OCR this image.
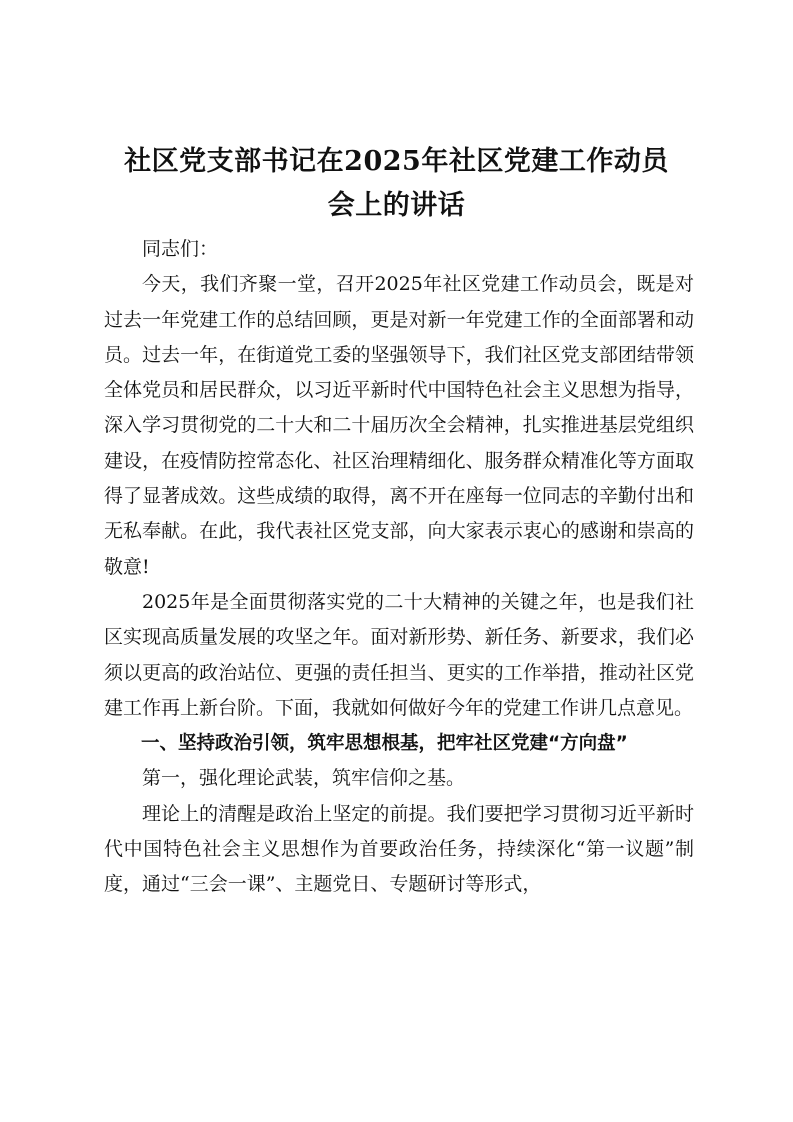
社区党支部书记在2025年社区党建工作动员
会上的讲话

同志们：

今天，我们齐聚一堂，召开2025年社区党建工作动员会，既是对过去一年党建工作的总结回顾，更是对新一年党建工作的全面部署和动员。过去一年，在街道党工委的坚强领导下，我们社区党支部团结带领全体党员和居民群众，以习近平新时代中国特色社会主义思想为指导，深入学习贯彻党的二十大和二十届历次全会精神，扎实推进基层党组织建设，在疫情防控常态化、社区治理精细化、服务群众精准化等方面取得了显著成效。这些成绩的取得，离不开在座每一位同志的辛勤付出和无私奉献。在此，我代表社区党支部，向大家表示衷心的感谢和崇高的敬意!

2025年是全面贯彻落实党的二十大精神的关键之年，也是我们社区实现高质量发展的攻坚之年。面对新形势、新任务、新要求，我们必须以更高的政治站位、更强的责任担当、更实的工作举措，推动社区党建工作再上新台阶。下面，我就如何做好今年的党建工作讲几点意见。

一、坚持政治引领，筑牢思想根基，把牢社区党建“方向盘”

第一，强化理论武装，筑牢信仰之基。

理论上的清醒是政治上坚定的前提。我们要把学习贯彻习近平新时代中国特色社会主义思想作为首要政治任务，持续深化“第一议题”制度，通过“三会一课”、主题党日、专题研讨等形式，
